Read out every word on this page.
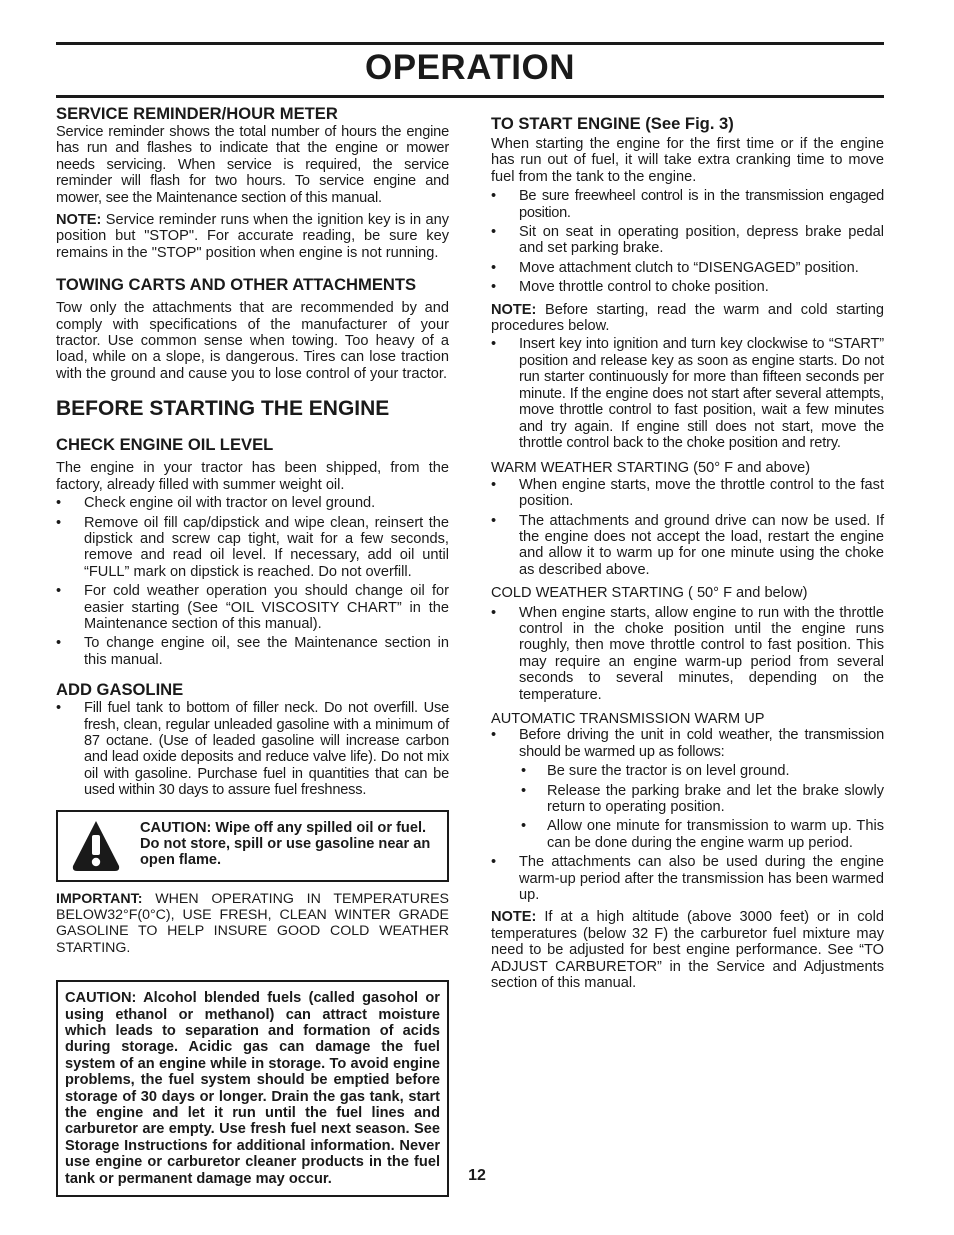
OPERATION
SERVICE REMINDER/HOUR METER

Service reminder shows the total number of hours the engine has run and flashes to indicate that the engine or mower needs servicing. When service is required, the service reminder will flash for two hours. To service engine and mower, see the Maintenance section of this manual.

NOTE: Service reminder runs when the ignition key is in any position but "STOP". For accurate reading, be sure key remains in the "STOP" position when engine is not running.

TOWING CARTS AND OTHER ATTACHMENTS

Tow only the attachments that are recommended by and comply with specifications of the manufacturer of your tractor. Use common sense when towing. Too heavy of a load, while on a slope, is dangerous. Tires can lose traction with the ground and cause you to lose control of your tractor.

BEFORE STARTING THE ENGINE
CHECK ENGINE OIL LEVEL

The engine in your tractor has been shipped, from the factory, already filled with summer weight oil.

• Check engine oil with tractor on level ground.
• Remove oil fill cap/dipstick and wipe clean, reinsert the dipstick and screw cap tight, wait for a few seconds, remove and read oil level. If necessary, add oil until “FULL” mark on dipstick is reached. Do not overfill.
• For cold weather operation you should change oil for easier starting (See “OIL VISCOSITY CHART” in the Maintenance section of this manual).
• To change engine oil, see the Maintenance section in this manual.
ADD GASOLINE
• Fill fuel tank to bottom of filler neck. Do not overfill. Use fresh, clean, regular unleaded gasoline with a minimum of 87 octane. (Use of leaded gasoline will increase carbon and lead oxide deposits and reduce valve life). Do not mix oil with gasoline. Purchase fuel in quantities that can be used within 30 days to assure fuel freshness.
CAUTION: Wipe off any spilled oil or fuel. Do not store, spill or use gasoline near an open flame.

IMPORTANT: WHEN OPERATING IN TEMPERATURES BELOW32°F(0°C), USE FRESH, CLEAN WINTER GRADE GASOLINE TO HELP INSURE GOOD COLD WEATHER STARTING.

CAUTION: Alcohol blended fuels (called gasohol or using ethanol or methanol) can attract moisture which leads to separation and formation of acids during storage. Acidic gas can damage the fuel system of an engine while in storage. To avoid engine problems, the fuel system should be emptied before storage of 30 days or longer. Drain the gas tank, start the engine and let it run until the fuel lines and carburetor are empty. Use fresh fuel next season. See Storage Instructions for additional information. Never use engine or carburetor cleaner products in the fuel tank or permanent damage may occur.
TO START ENGINE (See Fig. 3)

When starting the engine for the first time or if the engine has run out of fuel, it will take extra cranking time to move fuel from the tank to the engine.

• Be sure freewheel control is in the transmission engaged position.
• Sit on seat in operating position, depress brake pedal and set parking brake.
• Move attachment clutch to “DISENGAGED” position.
• Move throttle control to choke position.

NOTE: Before starting, read the warm and cold starting procedures below.

• Insert key into ignition and turn key clockwise to “START” position and release key as soon as engine starts. Do not run starter continuously for more than fifteen seconds per minute. If the engine does not start after several attempts, move throttle control to fast position, wait a few minutes and try again. If engine still does not start, move the throttle control back to the choke position and retry.

WARM WEATHER STARTING (50° F and above)

• When engine starts, move the throttle control to the fast position.
• The attachments and ground drive can now be used. If the engine does not accept the load, restart the engine and allow it to warm up for one minute using the choke as described above.

COLD WEATHER STARTING ( 50° F and below)

• When engine starts, allow engine to run with the throttle control in the choke position until the engine runs roughly, then move throttle control to fast position. This may require an engine warm-up period from several seconds to several minutes, depending on the temperature.

AUTOMATIC TRANSMISSION WARM UP

• Before driving the unit in cold weather, the transmission should be warmed up as follows:
• Be sure the tractor is on level ground.
• Release the parking brake and let the brake slowly return to operating position.
• Allow one minute for transmission to warm up. This can be done during the engine warm up period.
• The attachments can also be used during the engine warm-up period after the transmission has been warmed up.

NOTE: If at a high altitude (above 3000 feet) or in cold temperatures (below 32 F) the carburetor fuel mixture may need to be adjusted for best engine performance. See “TO ADJUST CARBURETOR” in the Service and Adjustments section of this manual.

12
